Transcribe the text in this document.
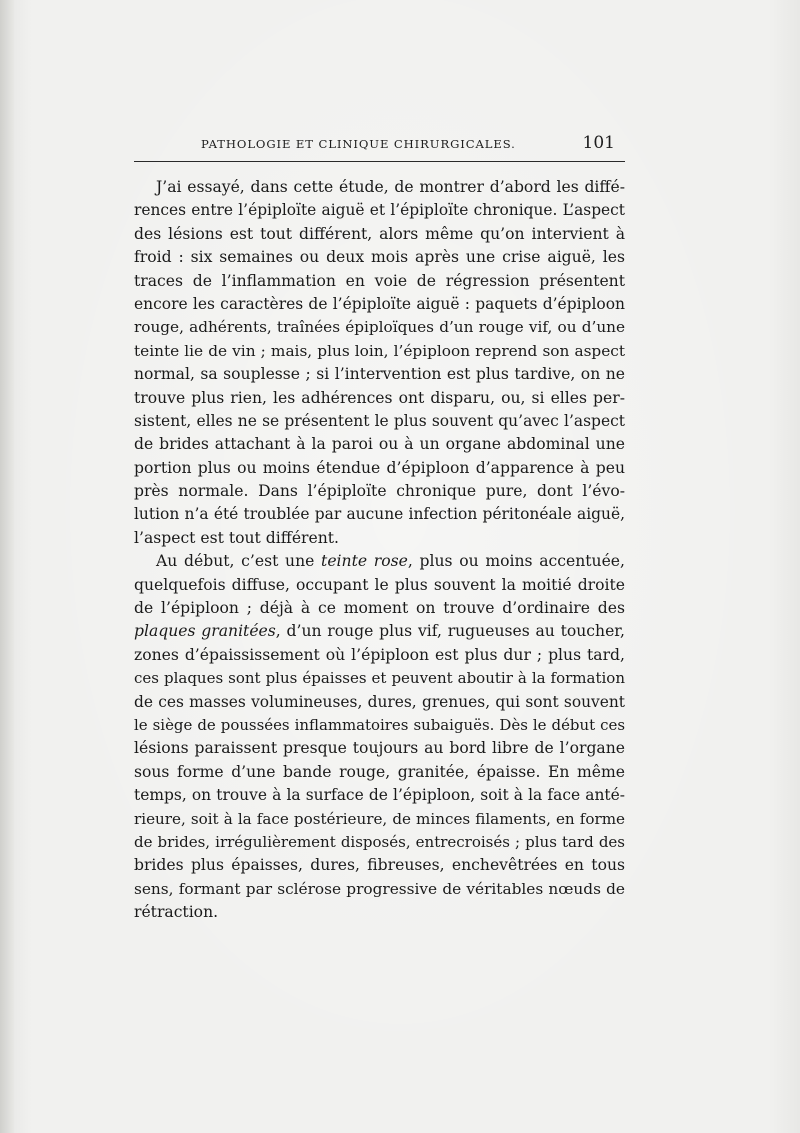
PATHOLOGIE ET CLINIQUE CHIRURGICALES.	101
J’ai essayé, dans cette étude, de montrer d’abord les diffé-
rences entre l’épiploïte aiguë et l’épiploïte chronique. L’aspect
des lésions est tout différent, alors même qu’on intervient à
froid : six semaines ou deux mois après une crise aiguë, les
traces de l’inflammation en voie de régression présentent
encore les caractères de l’épiploïte aiguë : paquets d’épiploon
rouge, adhérents, traînées épiploïques d’un rouge vif, ou d’une
teinte lie de vin ; mais, plus loin, l’épiploon reprend son aspect
normal, sa souplesse ; si l’intervention est plus tardive, on ne
trouve plus rien, les adhérences ont disparu, ou, si elles per-
sistent, elles ne se présentent le plus souvent qu’avec l’aspect
de brides attachant à la paroi ou à un organe abdominal une
portion plus ou moins étendue d’épiploon d’apparence à peu
près normale. Dans l’épiploïte chronique pure, dont l’évo-
lution n’a été troublée par aucune infection péritonéale aiguë,
l’aspect est tout différent.
Au début, c’est une teinte rose, plus ou moins accentuée,
quelquefois diffuse, occupant le plus souvent la moitié droite
de l’épiploon ; déjà à ce moment on trouve d’ordinaire des
plaques granitées, d’un rouge plus vif, rugueuses au toucher,
zones d’épaississement où l’épiploon est plus dur ; plus tard,
ces plaques sont plus épaisses et peuvent aboutir à la formation
de ces masses volumineuses, dures, grenues, qui sont souvent
le siège de poussées inflammatoires subaiguës. Dès le début ces
lésions paraissent presque toujours au bord libre de l’organe
sous forme d’une bande rouge, granitée, épaisse. En même
temps, on trouve à la surface de l’épiploon, soit à la face anté-
rieure, soit à la face postérieure, de minces filaments, en forme
de brides, irrégulièrement disposés, entrecroisés ; plus tard des
brides plus épaisses, dures, fibreuses, enchevêtrées en tous
sens, formant par sclérose progressive de véritables nœuds de
rétraction.
